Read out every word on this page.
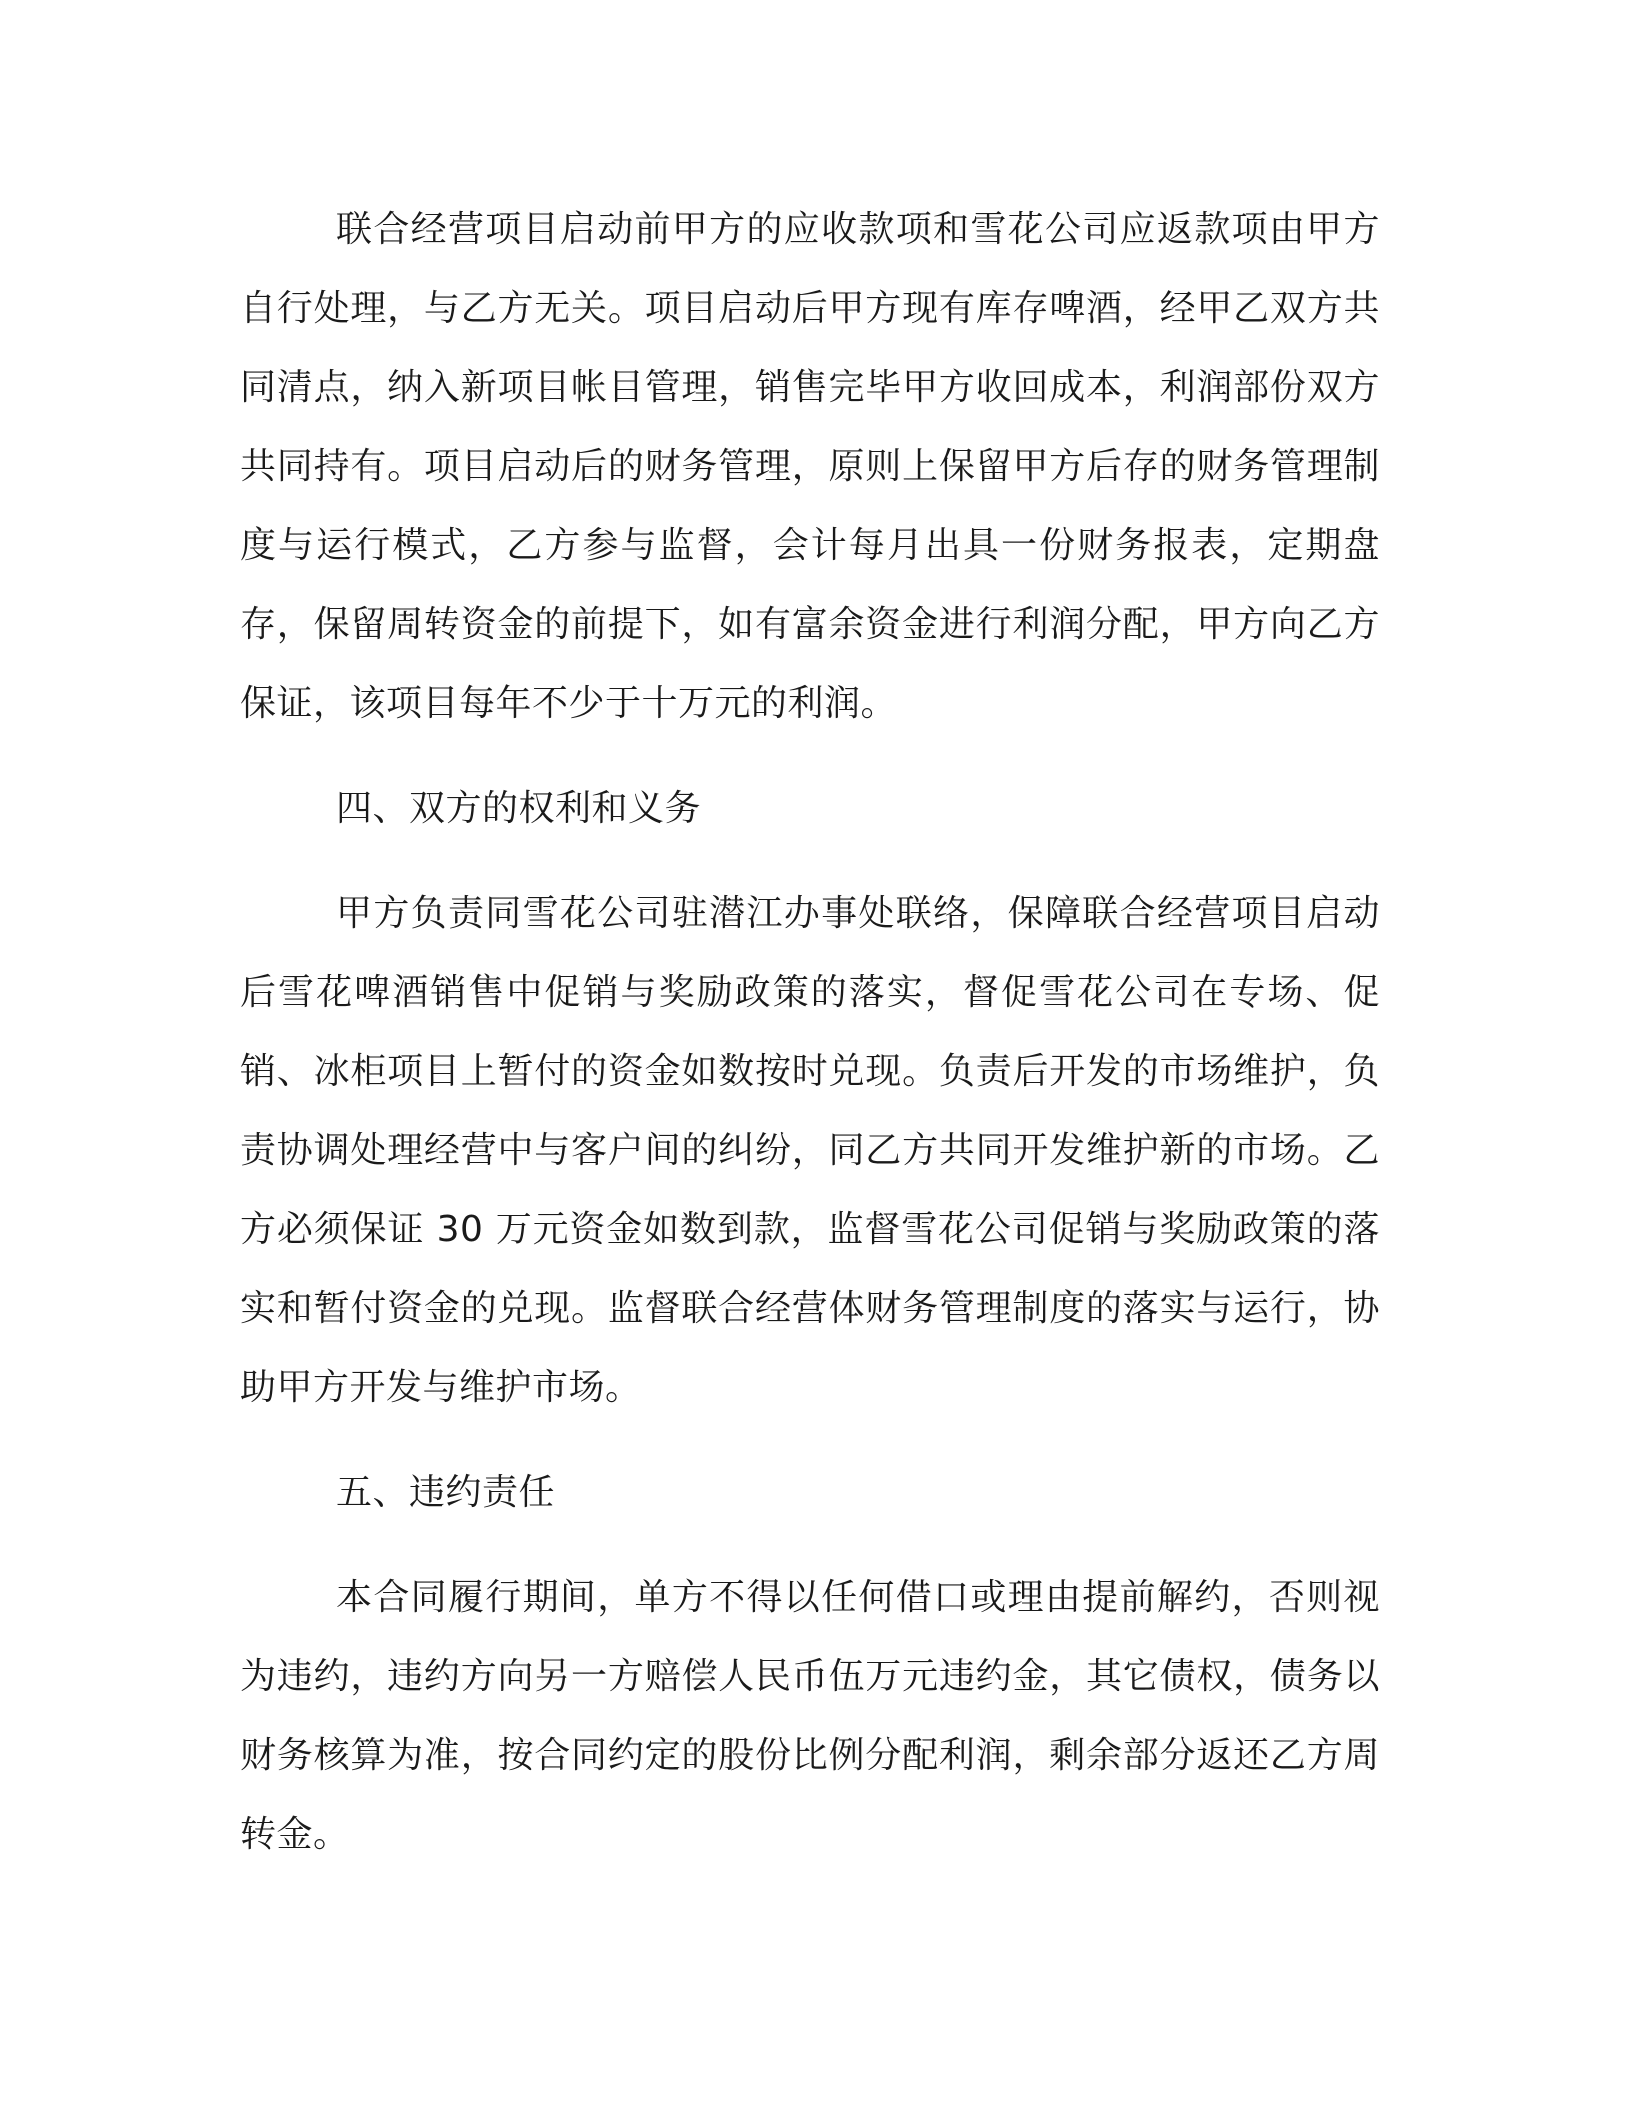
联合经营项目启动前甲方的应收款项和雪花公司应返款项由甲方自行处理，与乙方无关。项目启动后甲方现有库存啤酒，经甲乙双方共同清点，纳入新项目帐目管理，销售完毕甲方收回成本，利润部份双方共同持有。项目启动后的财务管理，原则上保留甲方后存的财务管理制度与运行模式，乙方参与监督，会计每月出具一份财务报表，定期盘存，保留周转资金的前提下，如有富余资金进行利润分配，甲方向乙方保证，该项目每年不少于十万元的利润。

四、双方的权利和义务

甲方负责同雪花公司驻潜江办事处联络，保障联合经营项目启动后雪花啤酒销售中促销与奖励政策的落实，督促雪花公司在专场、促销、冰柜项目上暂付的资金如数按时兑现。负责后开发的市场维护，负责协调处理经营中与客户间的纠纷，同乙方共同开发维护新的市场。乙方必须保证 30 万元资金如数到款，监督雪花公司促销与奖励政策的落实和暂付资金的兑现。监督联合经营体财务管理制度的落实与运行，协助甲方开发与维护市场。

五、违约责任

本合同履行期间，单方不得以任何借口或理由提前解约，否则视为违约，违约方向另一方赔偿人民币伍万元违约金，其它债权，债务以财务核算为准，按合同约定的股份比例分配利润，剩余部分返还乙方周转金。
